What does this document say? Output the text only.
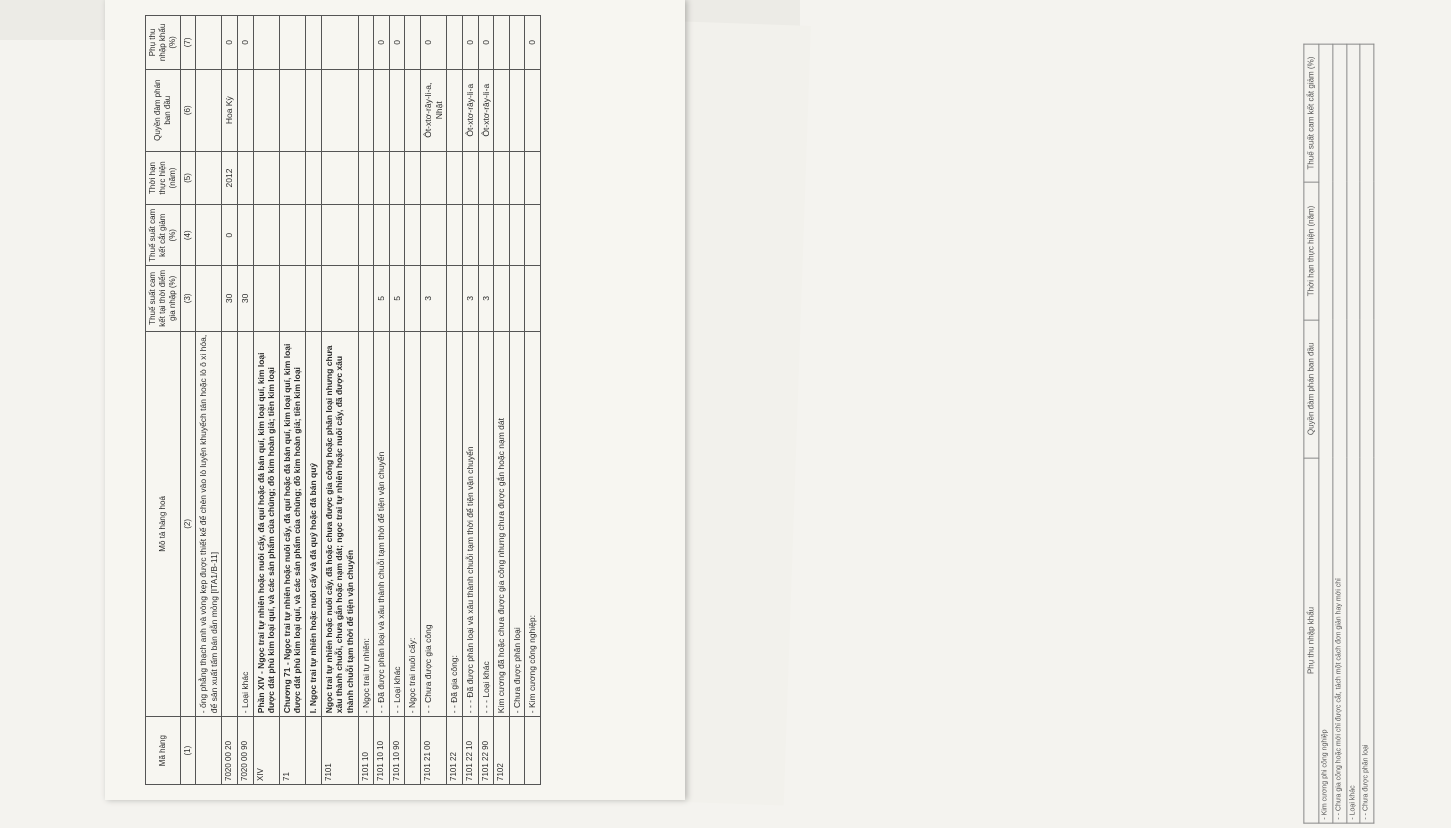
Phụ thu nhập khẩu	Quyền đàm phán ban đầu	Thời hạn thực hiện (năm)	Thuế suất cam kết cắt giảm (%)
- Kim cương phi công nghiệp
- - Chưa gia công hoặc mới chỉ được cắt, tách một cách đơn giản hay mới chỉ
- Loại khác
- - Chưa được phân loại
Mã hàng	Mô tả hàng hoá	Thuế suất cam kết tại thời điểm gia nhập (%)	Thuế suất cam kết cắt giảm (%)	Thời hạn thực hiện (năm)	Quyền đàm phán ban đầu	Phụ thu nhập khẩu (%)
(1)	(2)	(3)	(4)	(5)	(6)	(7)
	- ống phẳng thạch anh và vòng kẹp được thiết kế để chèn vào lò luyện khuyếch tán hoặc lò ô xi hóa, để sản xuất tấm bán dẫn mỏng [ITA1/B-11]					
7020 00 20		30	0	2012	Hoa Kỳ	0
7020 00 90	- Loại khác	30				0
XIV	Phần XIV - Ngọc trai tự nhiên hoặc nuôi cấy, đá quí hoặc đá bán quí, kim loại quí, kim loại được dát phủ kim loại quí, và các sản phẩm của chúng; đồ kim hoàn giả; tiền kim loại					
71	Chương 71 - Ngọc trai tự nhiên hoặc nuôi cấy, đá quí hoặc đá bán quí, kim loại quí, kim loại được dát phủ kim loại quí, và các sản phẩm của chúng; đồ kim hoàn giả; tiền kim loại					
	I. Ngọc trai tự nhiên hoặc nuôi cấy và đá quý hoặc đá bán quý					
7101	Ngọc trai tự nhiên hoặc nuôi cấy, đã hoặc chưa được gia công hoặc phân loại nhưng chưa xâu thành chuỗi, chưa gắn hoặc nạm dát; ngọc trai tự nhiên hoặc nuôi cấy, đã được xâu thành chuỗi tạm thời để tiện vận chuyển					
7101 10	- Ngọc trai tự nhiên:					
7101 10 10	- - Đã được phân loại và xâu thành chuỗi tạm thời để tiện vận chuyển	5				0
7101 10 90	- - Loại khác	5				0
	- Ngọc trai nuôi cấy:					
7101 21 00	- - Chưa được gia công	3			Ôt-xtơ-rây-li-a, Nhật	0
7101 22	- - Đã gia công:					
7101 22 10	- - - Đã được phân loại và xâu thành chuỗi tạm thời để tiện vận chuyển	3			Ôt-xtơ-rây-li-a	0
7101 22 90	- - - Loại khác	3			Ôt-xtơ-rây-li-a	0
7102	Kim cương đã hoặc chưa được gia công nhưng chưa được gắn hoặc nạm dát					
	- Chưa được phân loại					
	- Kim cương công nghiệp:					0
